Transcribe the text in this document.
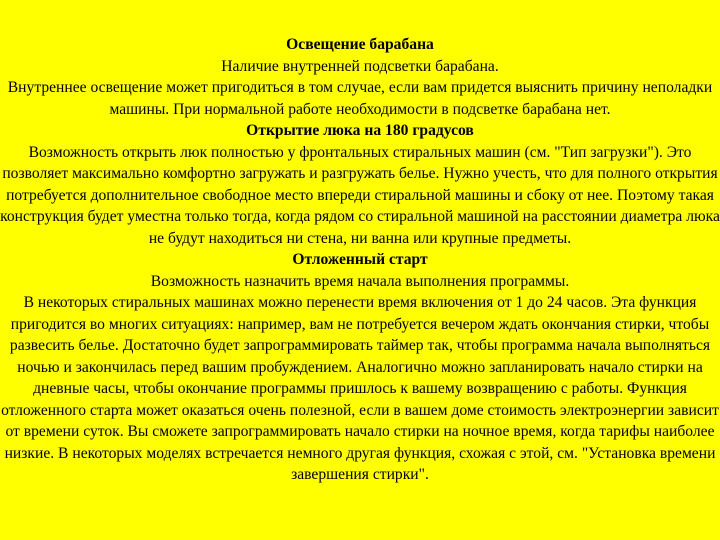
Освещение барабана

Наличие внутренней подсветки барабана.

Внутреннее освещение может пригодиться в том случае, если вам придется выяснить причину неполадки машины. При нормальной работе необходимости в подсветке барабана нет.

Открытие люка на 180 градусов

Возможность открыть люк полностью у фронтальных стиральных машин (см. "Тип загрузки"). Это позволяет максимально комфортно загружать и разгружать белье. Нужно учесть, что для полного открытия потребуется дополнительное свободное место впереди стиральной машины и сбоку от нее. Поэтому такая конструкция будет уместна только тогда, когда рядом со стиральной машиной на расстоянии диаметра люка не будут находиться ни стена, ни ванна или крупные предметы.

Отложенный старт

Возможность назначить время начала выполнения программы.

В некоторых стиральных машинах можно перенести время включения от 1 до 24 часов. Эта функция пригодится во многих ситуациях: например, вам не потребуется вечером ждать окончания стирки, чтобы развесить белье. Достаточно будет запрограммировать таймер так, чтобы программа начала выполняться ночью и закончилась перед вашим пробуждением. Аналогично можно запланировать начало стирки на дневные часы, чтобы окончание программы пришлось к вашему возвращению с работы. Функция отложенного старта может оказаться очень полезной, если в вашем доме стоимость электроэнергии зависит от времени суток. Вы сможете запрограммировать начало стирки на ночное время, когда тарифы наиболее низкие. В некоторых моделях встречается немного другая функция, схожая с этой, см. "Установка времени завершения стирки".
